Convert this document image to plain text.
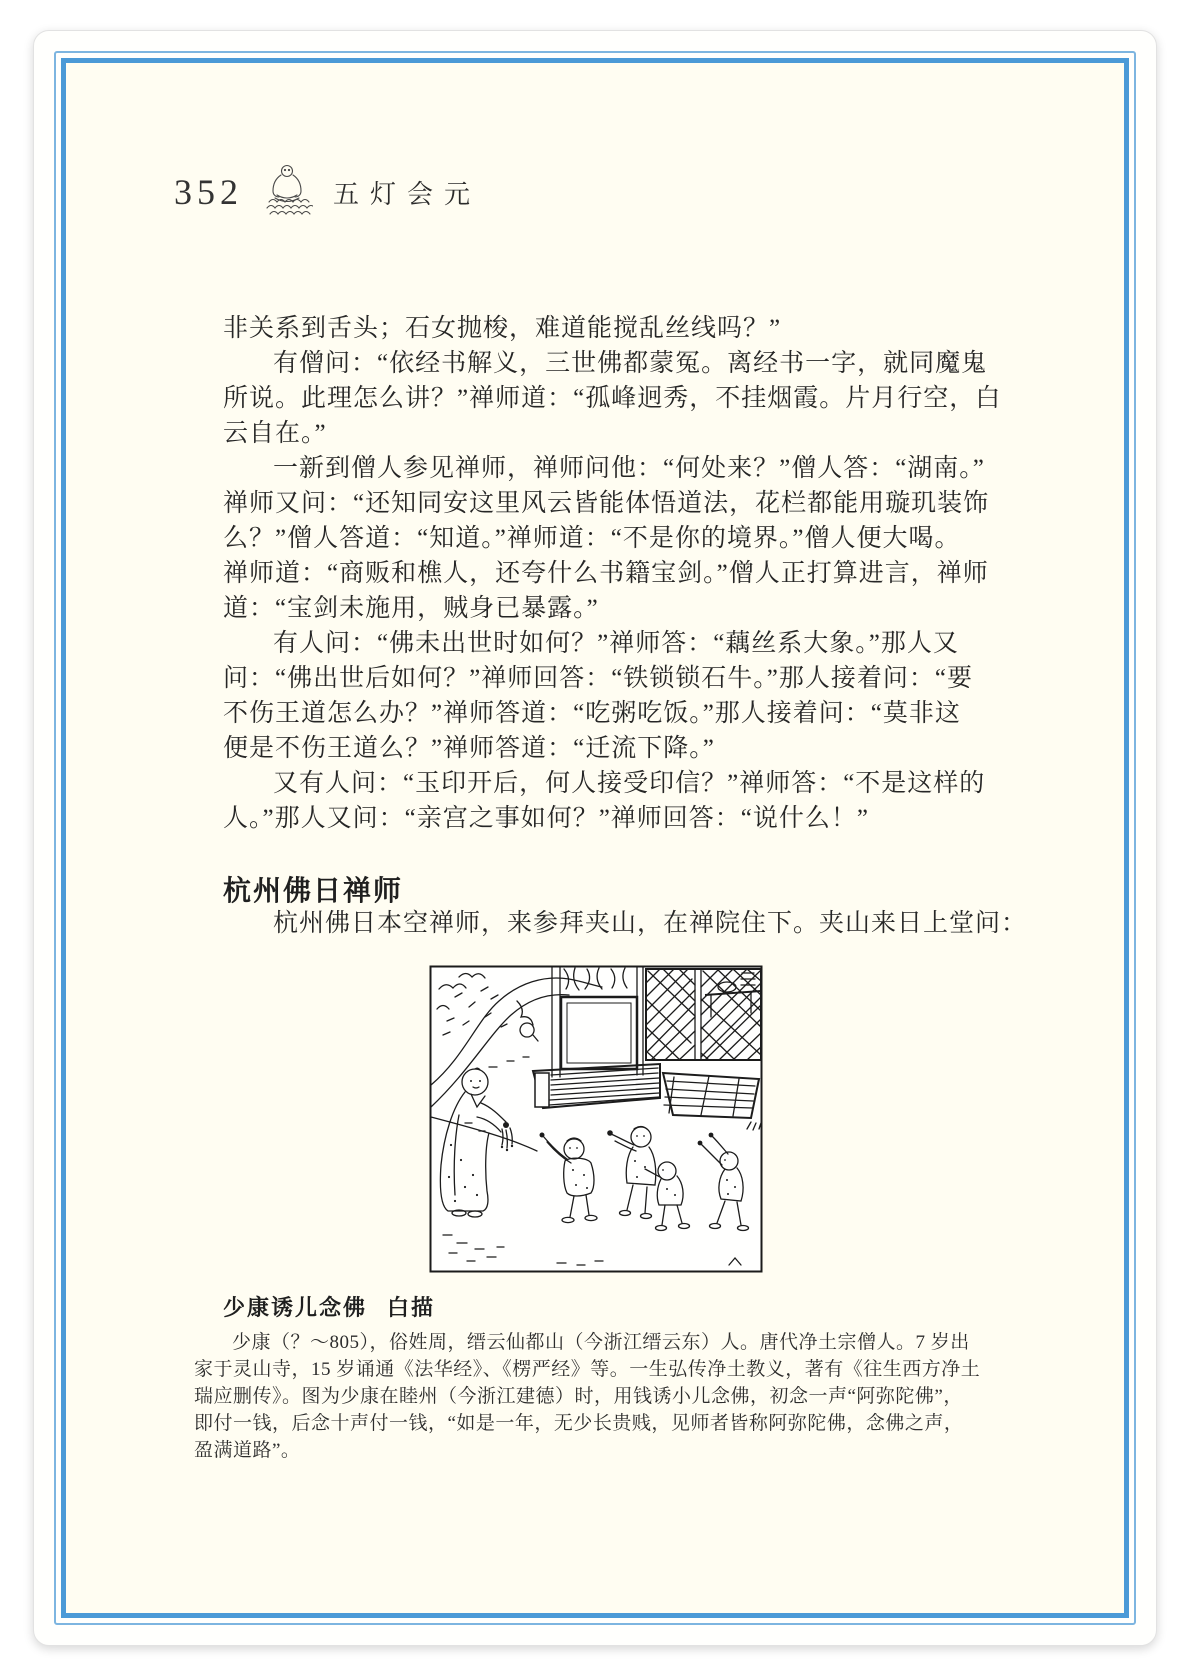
352	五灯会元
非关系到舌头；石女抛梭，难道能搅乱丝线吗？”
有僧问：“依经书解义，三世佛都蒙冤。离经书一字，就同魔鬼
所说。此理怎么讲？”禅师道：“孤峰迥秀，不挂烟霞。片月行空，白
云自在。”
一新到僧人参见禅师，禅师问他：“何处来？”僧人答：“湖南。”
禅师又问：“还知同安这里风云皆能体悟道法，花栏都能用璇玑装饰
么？”僧人答道：“知道。”禅师道：“不是你的境界。”僧人便大喝。
禅师道：“商贩和樵人，还夸什么书籍宝剑。”僧人正打算进言，禅师
道：“宝剑未施用，贼身已暴露。”
有人问：“佛未出世时如何？”禅师答：“藕丝系大象。”那人又
问：“佛出世后如何？”禅师回答：“铁锁锁石牛。”那人接着问：“要
不伤王道怎么办？”禅师答道：“吃粥吃饭。”那人接着问：“莫非这
便是不伤王道么？”禅师答道：“迁流下降。”
又有人问：“玉印开后，何人接受印信？”禅师答：“不是这样的
人。”那人又问：“亲宫之事如何？”禅师回答：“说什么！”
杭州佛日禅师
杭州佛日本空禅师，来参拜夹山，在禅院住下。夹山来日上堂问：
少康诱儿念佛 白描
少康（？～805），俗姓周，缙云仙都山（今浙江缙云东）人。唐代净土宗僧人。7 岁出
家于灵山寺，15 岁诵通《法华经》、《楞严经》等。一生弘传净土教义，著有《往生西方净土
瑞应删传》。图为少康在睦州（今浙江建德）时，用钱诱小儿念佛，初念一声“阿弥陀佛”，
即付一钱，后念十声付一钱，“如是一年，无少长贵贱，见师者皆称阿弥陀佛，念佛之声，
盈满道路”。
